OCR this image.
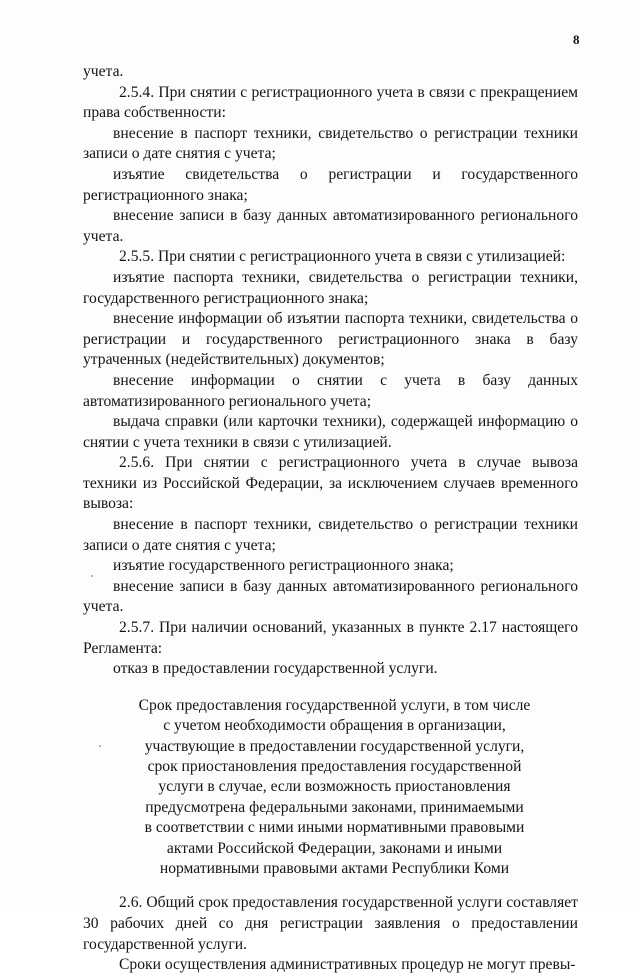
8

учета.

2.5.4. При снятии с регистрационного учета в связи с прекращением права собственности:

внесение в паспорт техники, свидетельство о регистрации техники записи о дате снятия с учета;

изъятие свидетельства о регистрации и государственного регистрационного знака;

внесение записи в базу данных автоматизированного регионального учета.

2.5.5. При снятии с регистрационного учета в связи с утилизацией:

изъятие паспорта техники, свидетельства о регистрации техники, государственного регистрационного знака;

внесение информации об изъятии паспорта техники, свидетельства о регистрации и государственного регистрационного знака в базу утраченных (недействительных) документов;

внесение информации о снятии с учета в базу данных автоматизированного регионального учета;

выдача справки (или карточки техники), содержащей информацию о снятии с учета техники в связи с утилизацией.

2.5.6. При снятии с регистрационного учета в случае вывоза техники из Российской Федерации, за исключением случаев временного вывоза:

внесение в паспорт техники, свидетельство о регистрации техники записи о дате снятия с учета;

изъятие государственного регистрационного знака;

внесение записи в базу данных автоматизированного регионального учета.

2.5.7. При наличии оснований, указанных в пункте 2.17 настоящего Регламента:

отказ в предоставлении государственной услуги.

Срок предоставления государственной услуги, в том числе
с учетом необходимости обращения в организации,
участвующие в предоставлении государственной услуги,
срок приостановления предоставления государственной
услуги в случае, если возможность приостановления
предусмотрена федеральными законами, принимаемыми
в соответствии с ними иными нормативными правовыми
актами Российской Федерации, законами и иными
нормативными правовыми актами Республики Коми

2.6. Общий срок предоставления государственной услуги составляет 30 рабочих дней со дня регистрации заявления о предоставлении государственной услуги.

Сроки осуществления административных процедур не могут превы-
